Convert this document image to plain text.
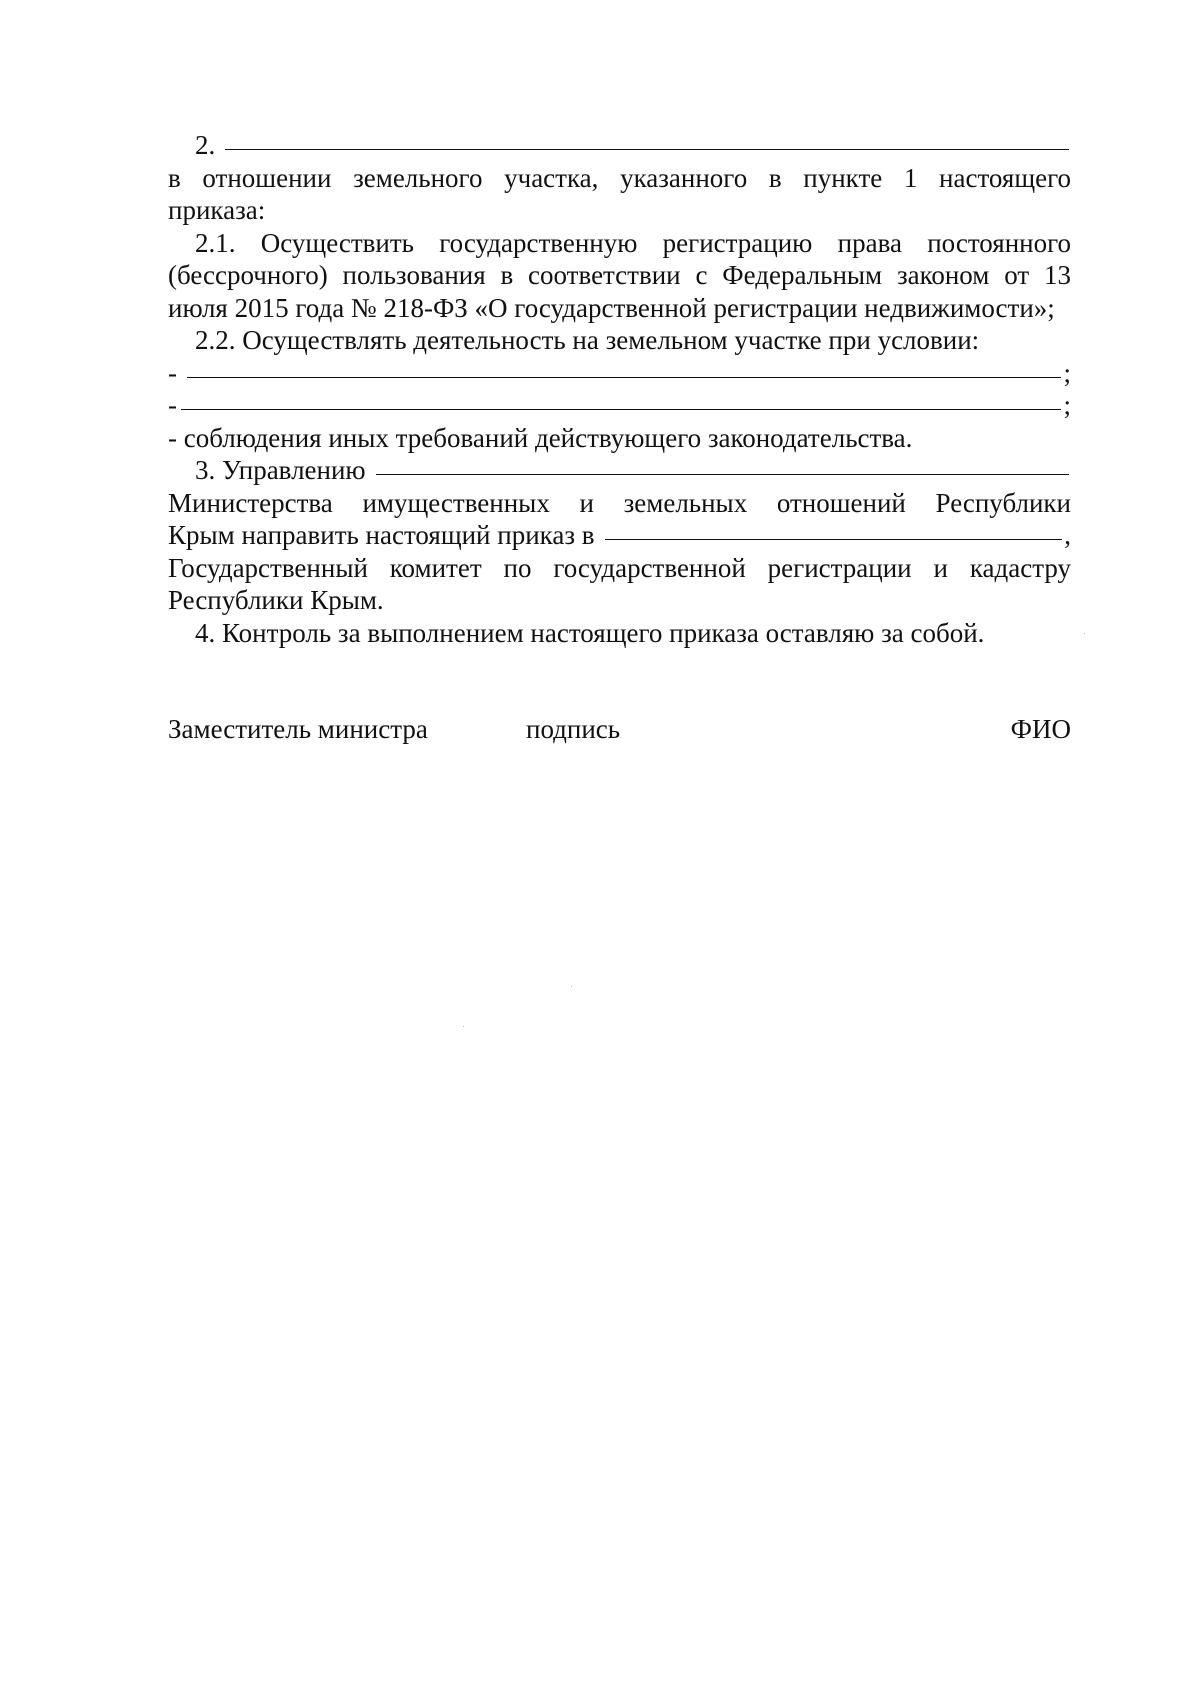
2.
в отношении земельного участка, указанного в пункте 1 настоящего приказа:
2.1. Осуществить государственную регистрацию права постоянного (бессрочного) пользования в соответствии с Федеральным законом от 13 июля 2015 года № 218-ФЗ «О государственной регистрации недвижимости»;
2.2. Осуществлять деятельность на земельном участке при условии:
-	;
-	;
- соблюдения иных требований действующего законодательства.
3. Управлению
Министерства имущественных и земельных отношений Республики
Крым направить настоящий приказ в	,
Государственный комитет по государственной регистрации и кадастру
Республики Крым.
4. Контроль за выполнением настоящего приказа оставляю за собой.
Заместитель министра	подпись	ФИО
